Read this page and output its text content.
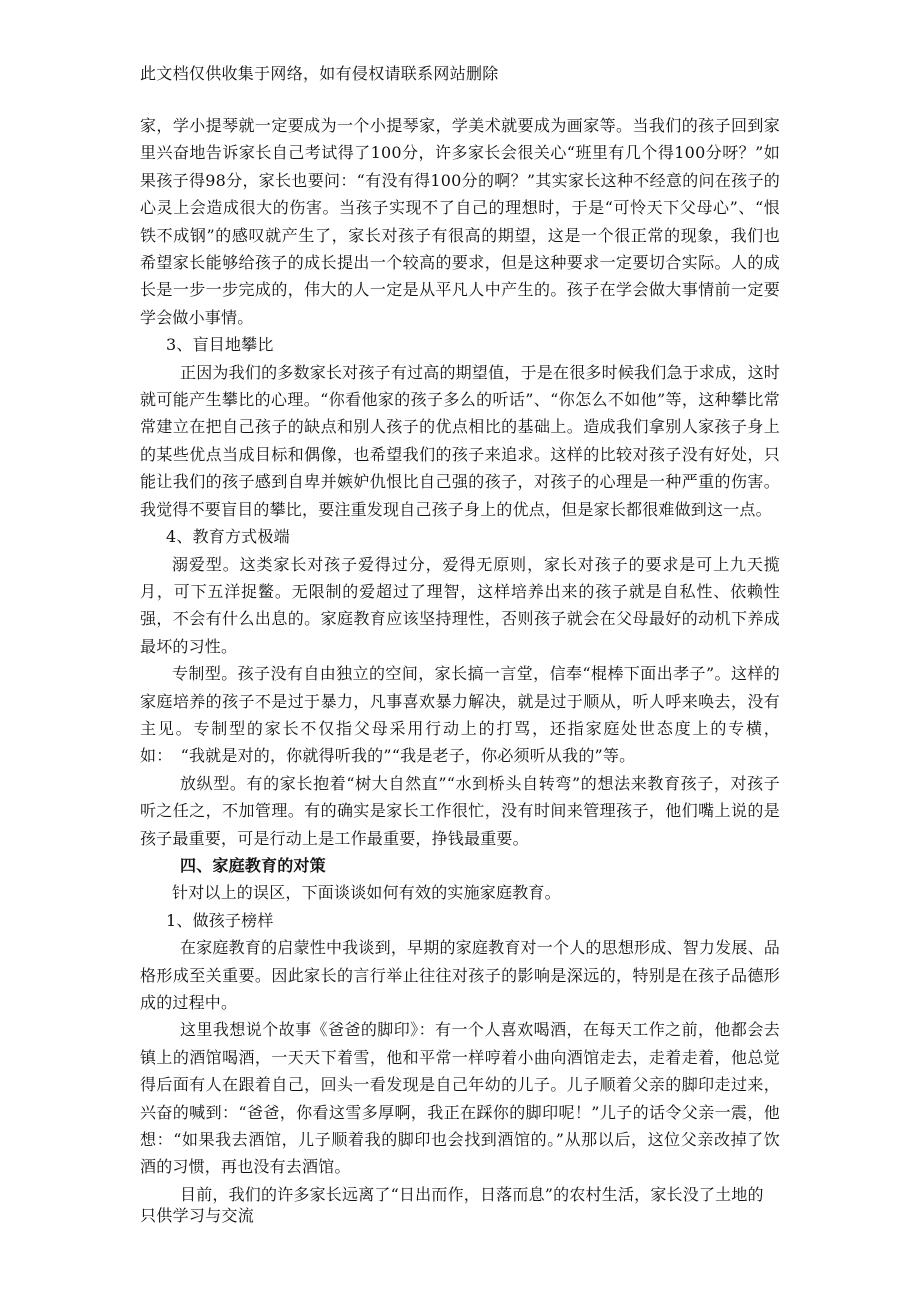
此文档仅供收集于网络，如有侵权请联系网站删除

家，学小提琴就一定要成为一个小提琴家，学美术就要成为画家等。当我们的孩子回到家里兴奋地告诉家长自己考试得了100分，许多家长会很关心“班里有几个得100分呀？”如果孩子得98分，家长也要问：“有没有得100分的啊？”其实家长这种不经意的问在孩子的心灵上会造成很大的伤害。当孩子实现不了自己的理想时，于是“可怜天下父母心”、“恨铁不成钢”的感叹就产生了，家长对孩子有很高的期望，这是一个很正常的现象，我们也希望家长能够给孩子的成长提出一个较高的要求，但是这种要求一定要切合实际。人的成长是一步一步完成的，伟大的人一定是从平凡人中产生的。孩子在学会做大事情前一定要学会做小事情。

3、盲目地攀比

正因为我们的多数家长对孩子有过高的期望值，于是在很多时候我们急于求成，这时就可能产生攀比的心理。“你看他家的孩子多么的听话”、“你怎么不如他”等，这种攀比常常建立在把自己孩子的缺点和别人孩子的优点相比的基础上。造成我们拿别人家孩子身上的某些优点当成目标和偶像，也希望我们的孩子来追求。这样的比较对孩子没有好处，只能让我们的孩子感到自卑并嫉妒仇恨比自己强的孩子，对孩子的心理是一种严重的伤害。我觉得不要盲目的攀比，要注重发现自己孩子身上的优点，但是家长都很难做到这一点。

4、教育方式极端

溺爱型。这类家长对孩子爱得过分，爱得无原则，家长对孩子的要求是可上九天揽月，可下五洋捉鳖。无限制的爱超过了理智，这样培养出来的孩子就是自私性、依赖性强，不会有什么出息的。家庭教育应该坚持理性，否则孩子就会在父母最好的动机下养成最坏的习性。

专制型。孩子没有自由独立的空间，家长搞一言堂，信奉“棍棒下面出孝子”。这样的家庭培养的孩子不是过于暴力，凡事喜欢暴力解决，就是过于顺从，听人呼来唤去，没有主见。专制型的家长不仅指父母采用行动上的打骂，还指家庭处世态度上的专横，如：　“我就是对的，你就得听我的”“我是老子，你必须听从我的”等。

放纵型。有的家长抱着“树大自然直”“水到桥头自转弯”的想法来教育孩子，对孩子听之任之，不加管理。有的确实是家长工作很忙，没有时间来管理孩子，他们嘴上说的是孩子最重要，可是行动上是工作最重要，挣钱最重要。

四、家庭教育的对策

针对以上的误区，下面谈谈如何有效的实施家庭教育。

1、做孩子榜样

在家庭教育的启蒙性中我谈到，早期的家庭教育对一个人的思想形成、智力发展、品格形成至关重要。因此家长的言行举止往往对孩子的影响是深远的，特别是在孩子品德形成的过程中。

这里我想说个故事《爸爸的脚印》：有一个人喜欢喝酒，在每天工作之前，他都会去镇上的酒馆喝酒，一天天下着雪，他和平常一样哼着小曲向酒馆走去，走着走着，他总觉得后面有人在跟着自己，回头一看发现是自己年幼的儿子。儿子顺着父亲的脚印走过来，兴奋的喊到：“爸爸，你看这雪多厚啊，我正在踩你的脚印呢！”儿子的话令父亲一震，他想：“如果我去酒馆，儿子顺着我的脚印也会找到酒馆的。”从那以后，这位父亲改掉了饮酒的习惯，再也没有去酒馆。

目前，我们的许多家长远离了“日出而作，日落而息”的农村生活，家长没了土地的

只供学习与交流
